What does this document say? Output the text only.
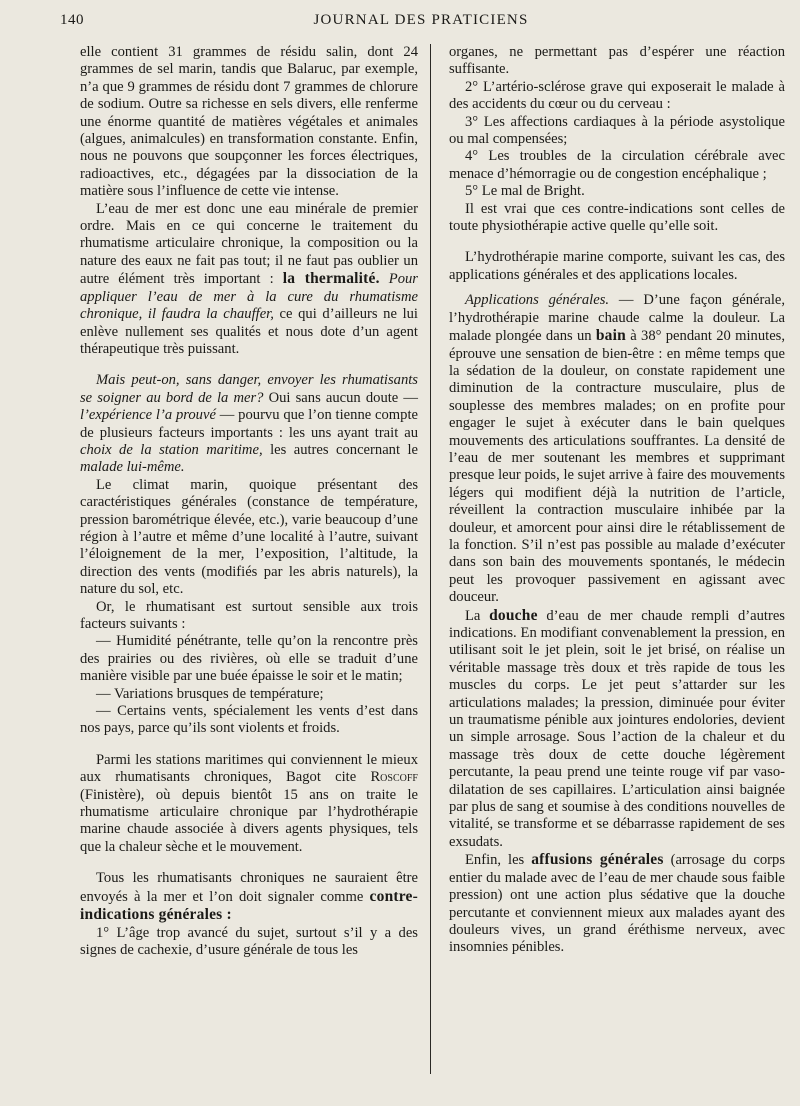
140	JOURNAL DES PRATICIENS

elle contient 31 grammes de résidu salin, dont 24 grammes de sel marin, tandis que Balaruc, par exemple, n’a que 9 grammes de résidu dont 7 grammes de chlorure de sodium. Outre sa richesse en sels divers, elle renferme une énorme quantité de matières végétales et animales (algues, animalcules) en transformation constante. Enfin, nous ne pouvons que soupçonner les forces électriques, radioactives, etc., dégagées par la dissociation de la matière sous l’influence de cette vie intense.

L’eau de mer est donc une eau minérale de premier ordre. Mais en ce qui concerne le traitement du rhumatisme articulaire chronique, la composition ou la nature des eaux ne fait pas tout; il ne faut pas oublier un autre élément très important : la thermalité. Pour appliquer l’eau de mer à la cure du rhumatisme chronique, il faudra la chauffer, ce qui d’ailleurs ne lui enlève nullement ses qualités et nous dote d’un agent thérapeutique très puissant.

Mais peut-on, sans danger, envoyer les rhumatisants se soigner au bord de la mer? Oui sans aucun doute — l’expérience l’a prouvé — pourvu que l’on tienne compte de plusieurs facteurs importants : les uns ayant trait au choix de la station maritime, les autres concernant le malade lui-même.

Le climat marin, quoique présentant des caractéristiques générales (constance de température, pression barométrique élevée, etc.), varie beaucoup d’une région à l’autre et même d’une localité à l’autre, suivant l’éloignement de la mer, l’exposition, l’altitude, la direction des vents (modifiés par les abris naturels), la nature du sol, etc.

Or, le rhumatisant est surtout sensible aux trois facteurs suivants :

— Humidité pénétrante, telle qu’on la rencontre près des prairies ou des rivières, où elle se traduit d’une manière visible par une buée épaisse le soir et le matin;

— Variations brusques de température;

— Certains vents, spécialement les vents d’est dans nos pays, parce qu’ils sont violents et froids.

Parmi les stations maritimes qui conviennent le mieux aux rhumatisants chroniques, Bagot cite Roscoff (Finistère), où depuis bientôt 15 ans on traite le rhumatisme articulaire chronique par l’hydrothérapie marine chaude associée à divers agents physiques, tels que la chaleur sèche et le mouvement.

Tous les rhumatisants chroniques ne sauraient être envoyés à la mer et l’on doit signaler comme contre-indications générales :

1° L’âge trop avancé du sujet, surtout s’il y a des signes de cachexie, d’usure générale de tous les

organes, ne permettant pas d’espérer une réaction suffisante.

2° L’artério-sclérose grave qui exposerait le malade à des accidents du cœur ou du cerveau :

3° Les affections cardiaques à la période asystolique ou mal compensées;

4° Les troubles de la circulation cérébrale avec menace d’hémorragie ou de congestion encéphalique ;

5° Le mal de Bright.

Il est vrai que ces contre-indications sont celles de toute physiothérapie active quelle qu’elle soit.

L’hydrothérapie marine comporte, suivant les cas, des applications générales et des applications locales.

Applications générales. — D’une façon générale, l’hydrothérapie marine chaude calme la douleur. La malade plongée dans un bain à 38° pendant 20 minutes, éprouve une sensation de bien-être : en même temps que la sédation de la douleur, on constate rapidement une diminution de la contracture musculaire, plus de souplesse des membres malades; on en profite pour engager le sujet à exécuter dans le bain quelques mouvements des articulations souffrantes. La densité de l’eau de mer soutenant les membres et supprimant presque leur poids, le sujet arrive à faire des mouvements légers qui modifient déjà la nutrition de l’article, réveillent la contraction musculaire inhibée par la douleur, et amorcent pour ainsi dire le rétablissement de la fonction. S’il n’est pas possible au malade d’exécuter dans son bain des mouvements spontanés, le médecin peut les provoquer passivement en agissant avec douceur.

La douche d’eau de mer chaude rempli d’autres indications. En modifiant convenablement la pression, en utilisant soit le jet plein, soit le jet brisé, on réalise un véritable massage très doux et très rapide de tous les muscles du corps. Le jet peut s’attarder sur les articulations malades; la pression, diminuée pour éviter un traumatisme pénible aux jointures endolories, devient un simple arrosage. Sous l’action de la chaleur et du massage très doux de cette douche légèrement percutante, la peau prend une teinte rouge vif par vaso-dilatation de ses capillaires. L’articulation ainsi baignée par plus de sang et soumise à des conditions nouvelles de vitalité, se transforme et se débarrasse rapidement de ses exsudats.

Enfin, les affusions générales (arrosage du corps entier du malade avec de l’eau de mer chaude sous faible pression) ont une action plus sédative que la douche percutante et conviennent mieux aux malades ayant des douleurs vives, un grand éréthisme nerveux, avec insomnies pénibles.
